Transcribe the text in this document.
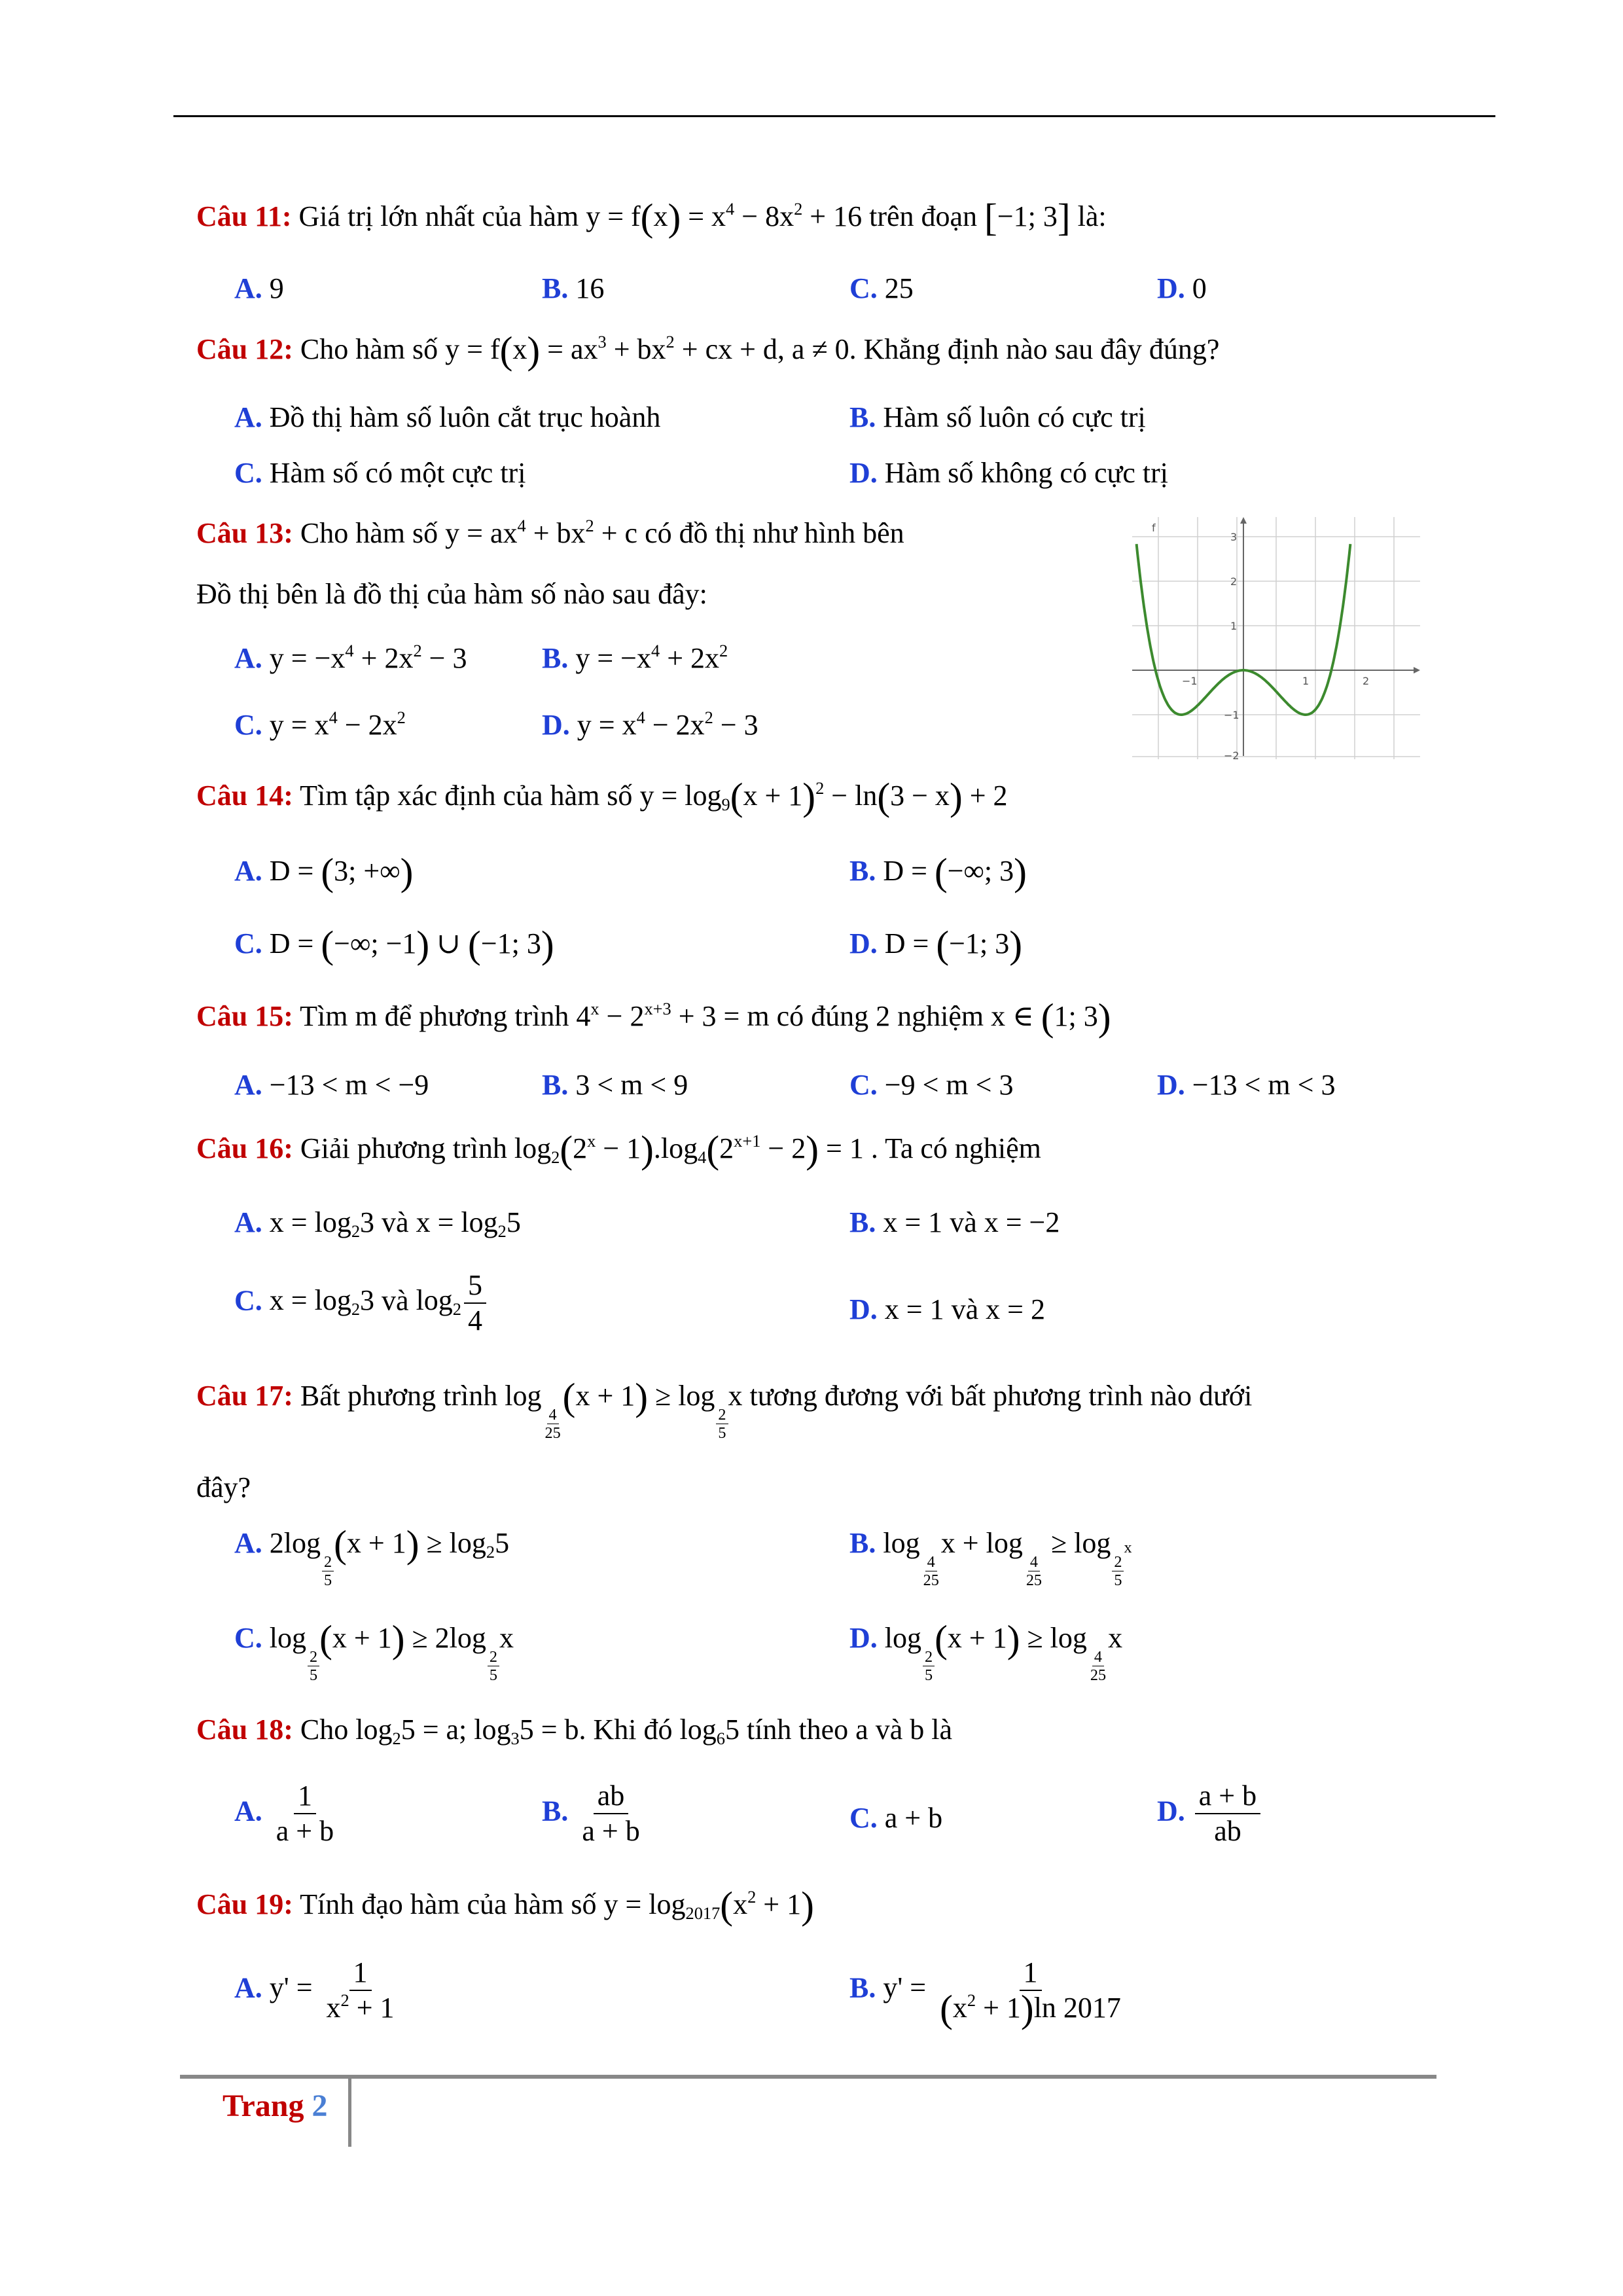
Câu 11: Giá trị lớn nhất của hàm $y = f(x) = x^4 - 8x^2 + 16$ trên đoạn [−1; 3] là:
A. 9	B. 16	C. 25	D. 0
Câu 12: Cho hàm số $y = f(x) = ax^3 + bx^2$ + cx + d, a ≠ 0. Khẳng định nào sau đây đúng?
A. Đồ thị hàm số luôn cắt trục hoành	B. Hàm số luôn có cực trị
C. Hàm số có một cực trị	D. Hàm số không có cực trị
Câu 13: Cho hàm số $y = ax^4 + bx^2 + c$ có đồ thị như hình bên
Đồ thị bên là đồ thị của hàm số nào sau đây:
A. $y = -x^4 + 2x^2 - 3$	B. $y = -x^4 + 2x^2$
C. $y = x^4 - 2x^2$	D. $y = x^4 - 2x^2 - 3$
3
2
1
−1
−2
−1	1	2
f
Câu 14: Tìm tập xác định của hàm số $y = \log_9(x + 1)^2 - \ln(3 - x) + 2$
A. D = (3; +∞)	B. D = (−∞; 3)
C. D = (−∞; −1) ∪ (−1; 3)	D. D = (−1; 3)
Câu 15: Tìm m để phương trình $4^x - 2^{x+3} + 3 = m$ có đúng 2 nghiệm x ∈ (1; 3)
A. −13 < m < −9	B. 3 < m < 9	C. −9 < m < 3	D. −13 < m < 3
Câu 16: Giải phương trình $\log_2(2^x - 1).\log_4(2^{x+1} - 2) = 1$ . Ta có nghiệm
A. $x = \log_23$ và $x = \log_25$	B. x = 1 và x = −2
C. $x = \log_23$ và $\log_2 \frac{5}{4}$	D. x = 1 và x = 2
Câu 17: Bất phương trình log
$\frac{4}{25}$
(x + 1) ≥ log
$\frac{2}{5}$
x tương đương với bất phương trình nào dưới
đây?
A. 2log
$\frac{2}{5}$
$(x + 1) \ge \log_25$	B. log
$\frac{4}{25}$
x + log
$\frac{4}{25}$
≥ log
$\frac{2}{5}$
x
C. log
$\frac{2}{5}$
(x + 1) ≥ 2log
$\frac{2}{5}$
x	D. log
$\frac{2}{5}$
(x + 1) ≥ log
$\frac{4}{25}$
x
Câu 18: Cho $\log_25 = a$; $\log_35 = b$. Khi đó $\log_65$ tính theo a và b là
A. $\frac{1}{a + b}$	B. $\frac{ab}{a + b}$	C. a + b	D. $\frac{a + b}{ab}$
Câu 19: Tính đạo hàm của hàm số $y = \log_{2017}(x^2 + 1)$
A. $y' = \frac{1}{x^2 + 1}$	B. $y' = \frac{1}{(x^2 + 1)\ln 2017}$
Trang 2
